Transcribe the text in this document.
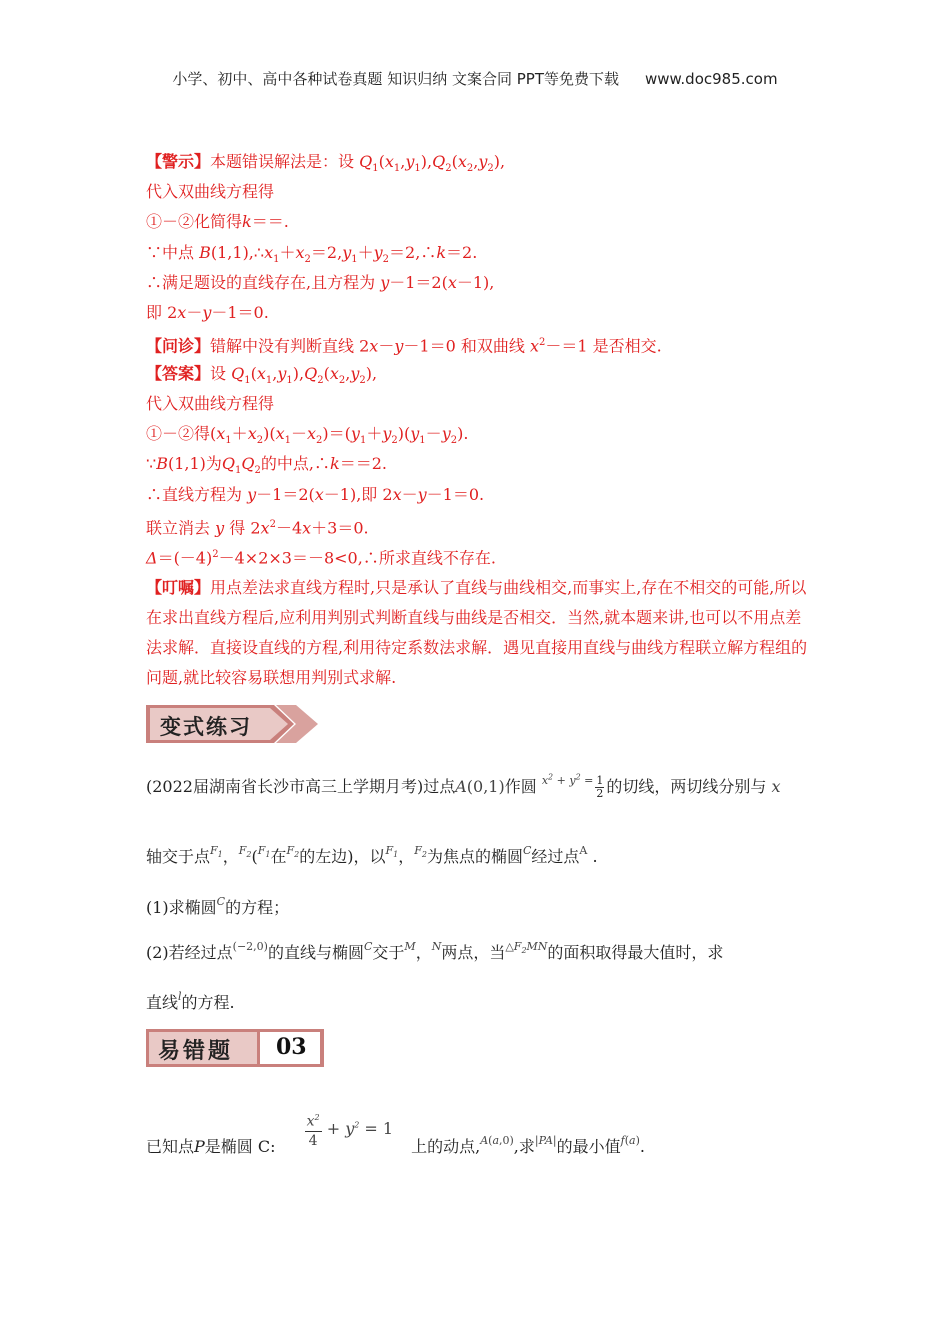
小学、初中、高中各种试卷真题 知识归纳 文案合同 PPT等免费下载 www.doc985.com
【警示】本题错误解法是：设 $Q_1(x_1,y_1),Q_2(x_2,y_2)$,
代入双曲线方程得
①－②化简得k＝＝.
∵中点 $B(1,1),\therefore x_1+x_2=2,y_1+y_2=2,\therefore k=2$.
∴满足题设的直线存在,且方程为 y－1＝2(x－1),
即 2x－y－1＝0.
【问诊】错解中没有判断直线 2x－y－1＝0 和双曲线 $x^2-=1$ 是否相交.
【答案】设 $Q_1(x_1,y_1),Q_2(x_2,y_2)$,
代入双曲线方程得
①－②得$(x_1+x_2)(x_1-x_2)=(y_1+y_2)(y_1-y_2)$.
∵B(1,1)为$Q_1Q_2$的中点,∴k＝＝2.
∴直线方程为 y－1＝2(x－1),即 2x－y－1＝0.
联立消去 y 得 $2x^2-4x+3=0$.
$\Delta=(-4)^2-4\times 2\times 3=-8<0,\therefore$所求直线不存在.
【叮嘱】用点差法求直线方程时,只是承认了直线与曲线相交,而事实上,存在不相交的可能,所以在求出直线方程后,应利用判别式判断直线与曲线是否相交．当然,就本题来讲,也可以不用点差法求解．直接设直线的方程,利用待定系数法求解．遇见直接用直线与曲线方程联立解方程组的问题,就比较容易联想用判别式求解.
变式练习
(2022届湖南省长沙市高三上学期月考)过点A(0,1)作圆 $^{x^2 + y^2 =} \frac{1}{2}$ 的切线，两切线分别与 x
轴交于点$^{F_1}$，$^{F_2}$($^{F_1}$在$^{F_2}$的左边)，以$^{F_1}$，$^{F_2}$为焦点的椭圆$^C$经过点$^A$ .
(1)求椭圆$^C$的方程；
(2)若经过点$^{(-2,0)}$的直线与椭圆$^C$交于$^M$，$^N$两点，当$^{\triangle F_2MN}$的面积取得最大值时，求
直线$^l$的方程.
易错题 03
已知点P是椭圆 C: $\frac{x^2}{4} + y^2 = 1$上的动点,$^{A(a,0)}$,求$^{|PA|}$的最小值$^{f(a)}$.
